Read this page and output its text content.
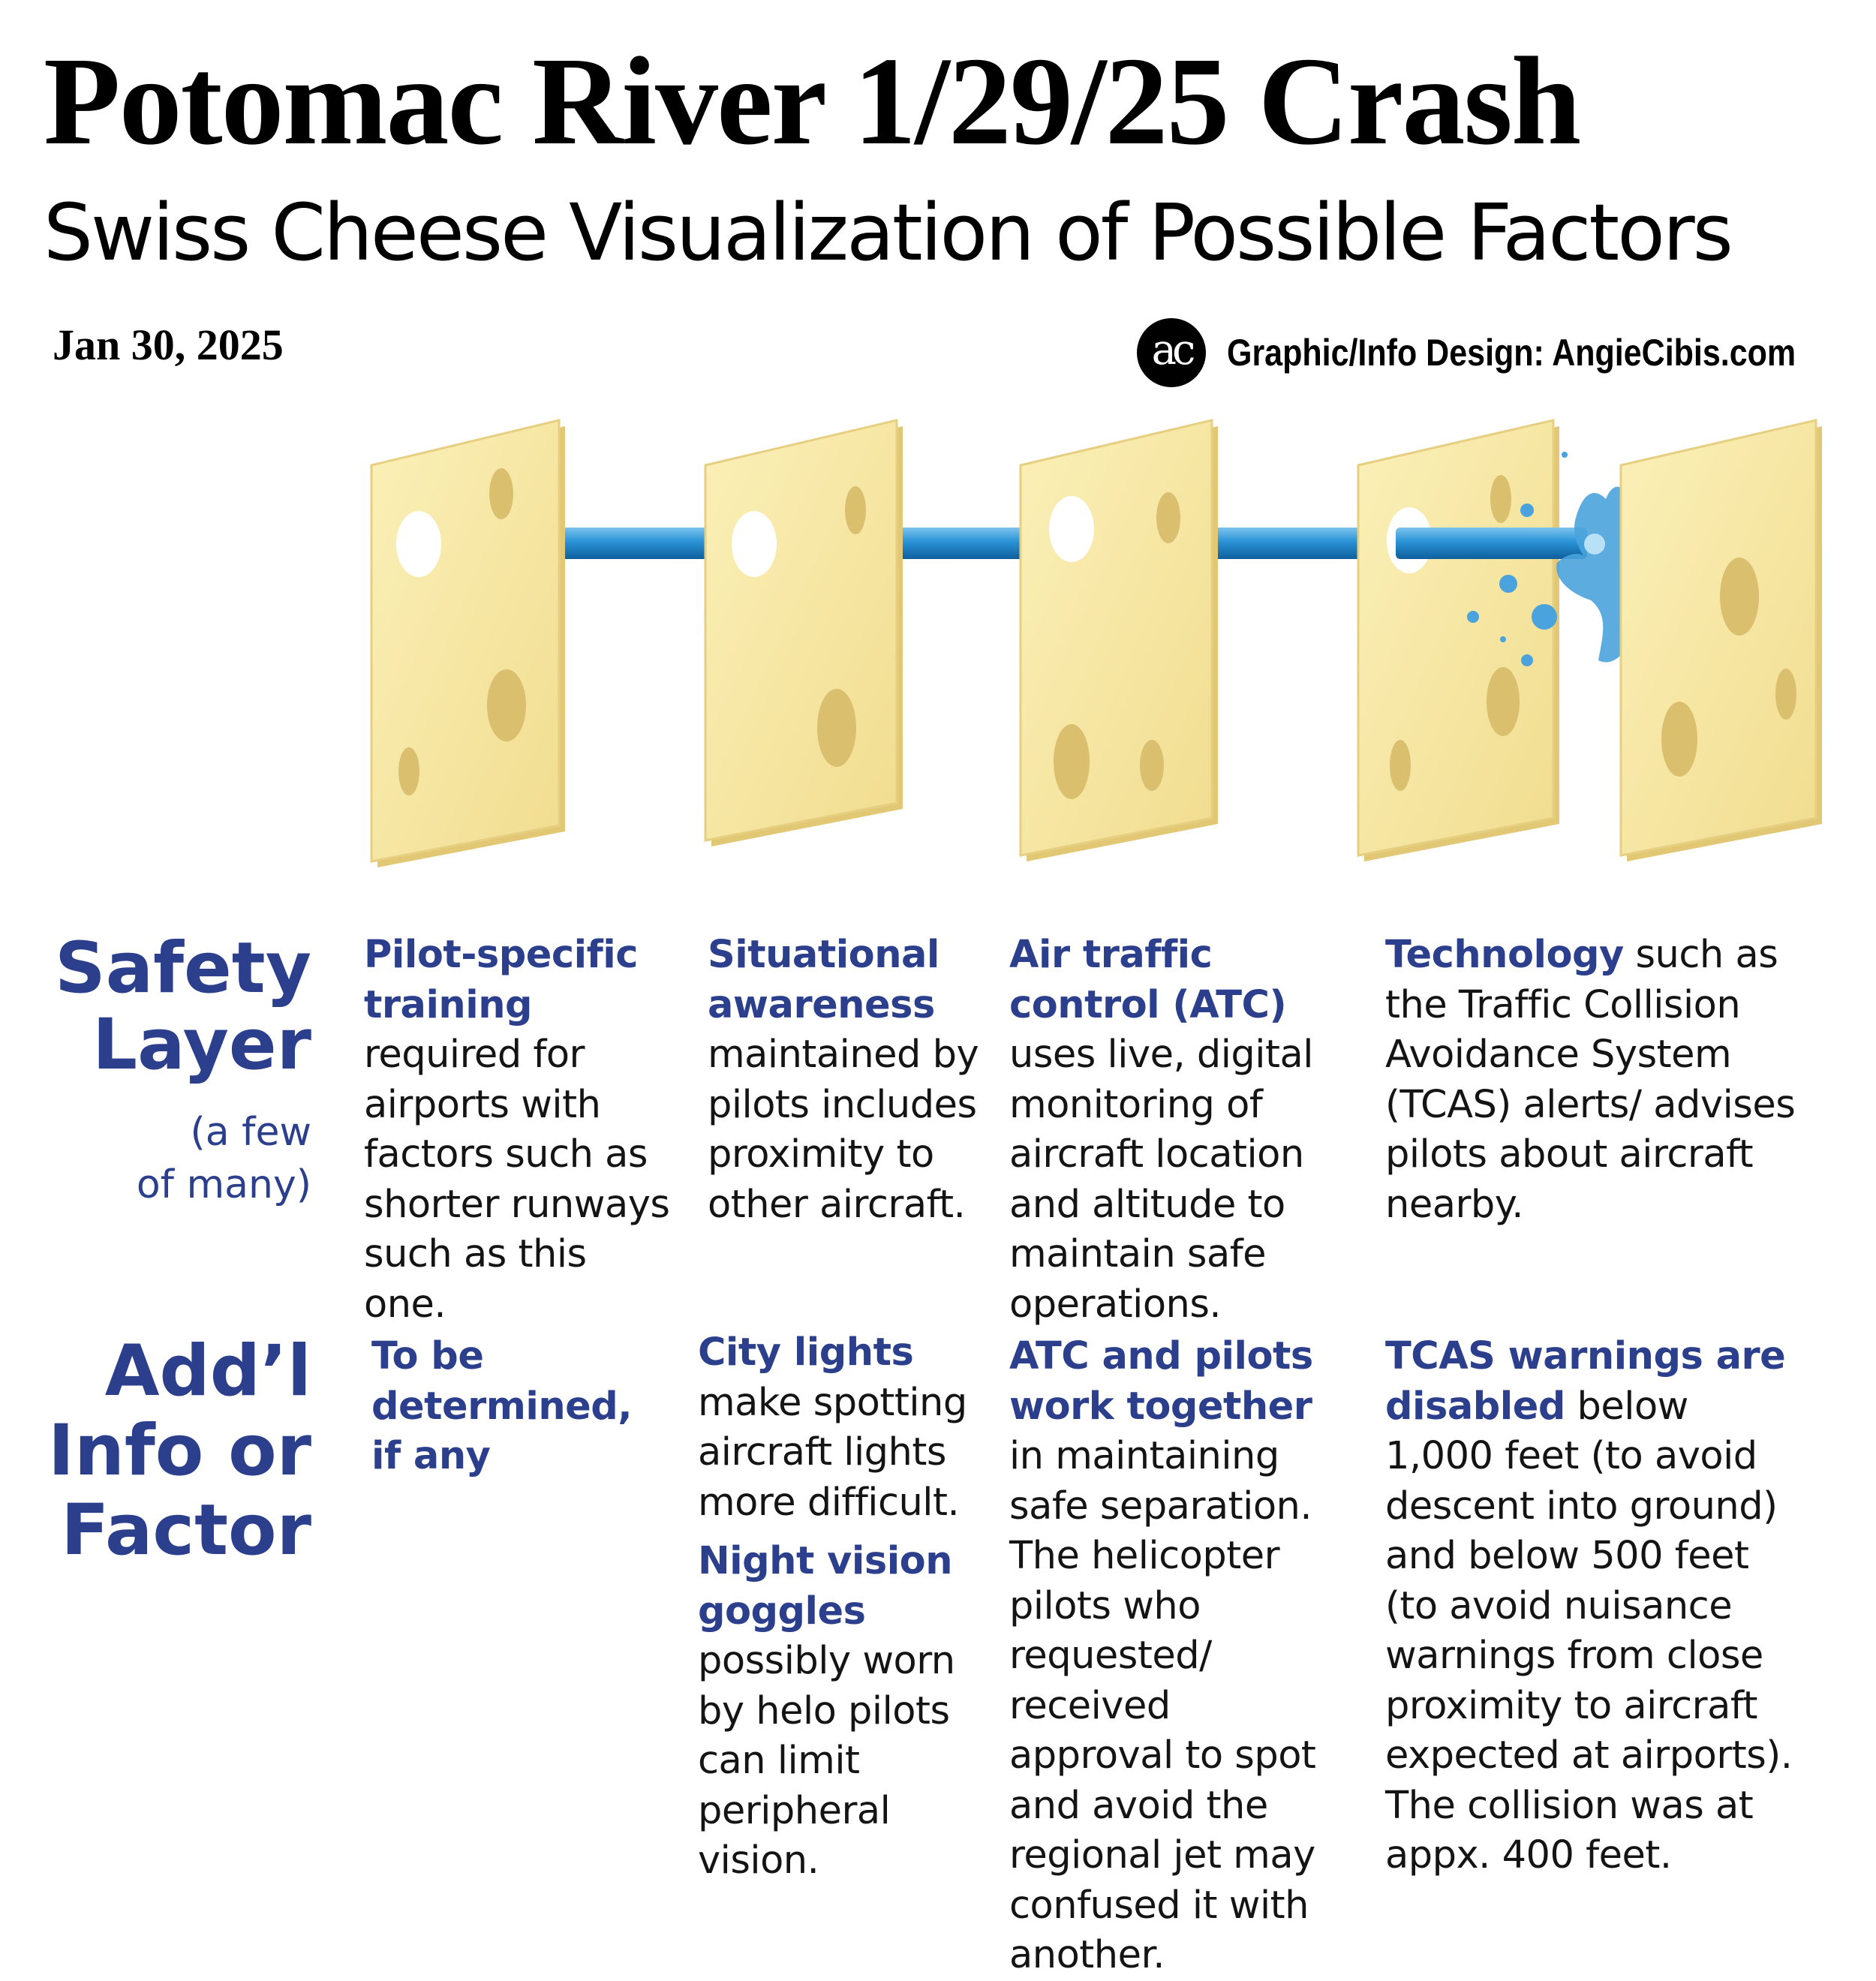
Potomac River 1/29/25 Crash
Swiss Cheese Visualization of Possible Factors
Jan 30, 2025	ac Graphic/Info Design: AngieCibis.com
Safety
Layer
(a few
of many)
Pilot-specific training required for airports with factors such as shorter runways such as this one.
Situational awareness maintained by pilots includes proximity to other aircraft.
Air traffic control (ATC) uses live, digital monitoring of aircraft location and altitude to maintain safe operations.
Technology such as the Traffic Collision Avoidance System (TCAS) alerts/ advises pilots about aircraft nearby.
Add’l
Info or
Factor
To be determined, if any

City lights make spotting aircraft lights more difficult.

Night vision goggles possibly worn by helo pilots can limit peripheral vision.

ATC and pilots work together in maintaining safe separation. The helicopter pilots who requested/ received approval to spot and avoid the regional jet may confused it with another.
TCAS warnings are disabled below 1,000 feet (to avoid descent into ground) and below 500 feet (to avoid nuisance warnings from close proximity to aircraft expected at airports). The collision was at appx. 400 feet.
